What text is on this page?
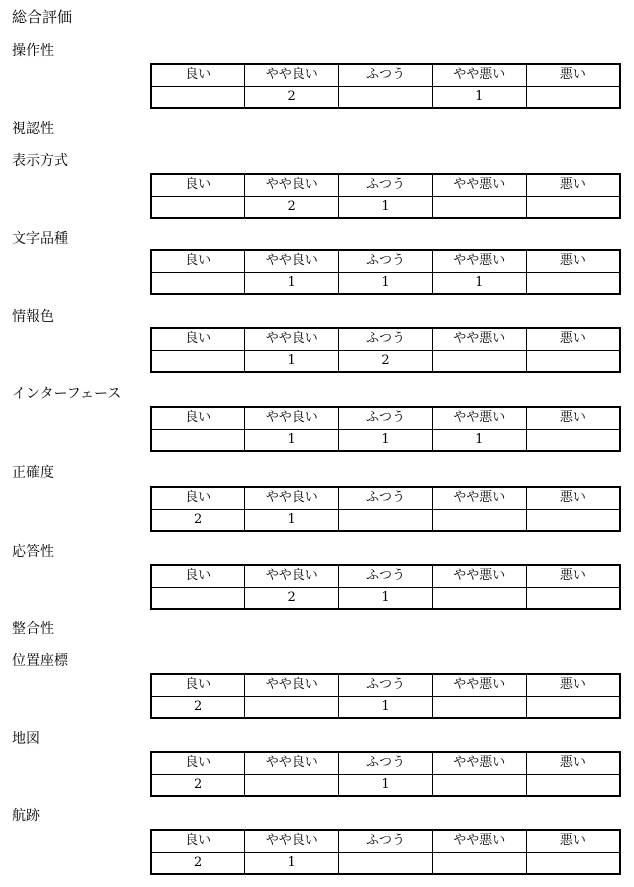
総合評価
操作性
良い	やや良い	ふつう	やや悪い	悪い
	2		1	
視認性
表示方式
良い	やや良い	ふつう	やや悪い	悪い
	2	1		
文字品種
良い	やや良い	ふつう	やや悪い	悪い
	1	1	1	
情報色
良い	やや良い	ふつう	やや悪い	悪い
	1	2		
インターフェース
良い	やや良い	ふつう	やや悪い	悪い
	1	1	1	
正確度
良い	やや良い	ふつう	やや悪い	悪い
2	1			
応答性
良い	やや良い	ふつう	やや悪い	悪い
	2	1		
整合性
位置座標
良い	やや良い	ふつう	やや悪い	悪い
2		1		
地図
良い	やや良い	ふつう	やや悪い	悪い
2		1		
航跡
良い	やや良い	ふつう	やや悪い	悪い
2	1			
